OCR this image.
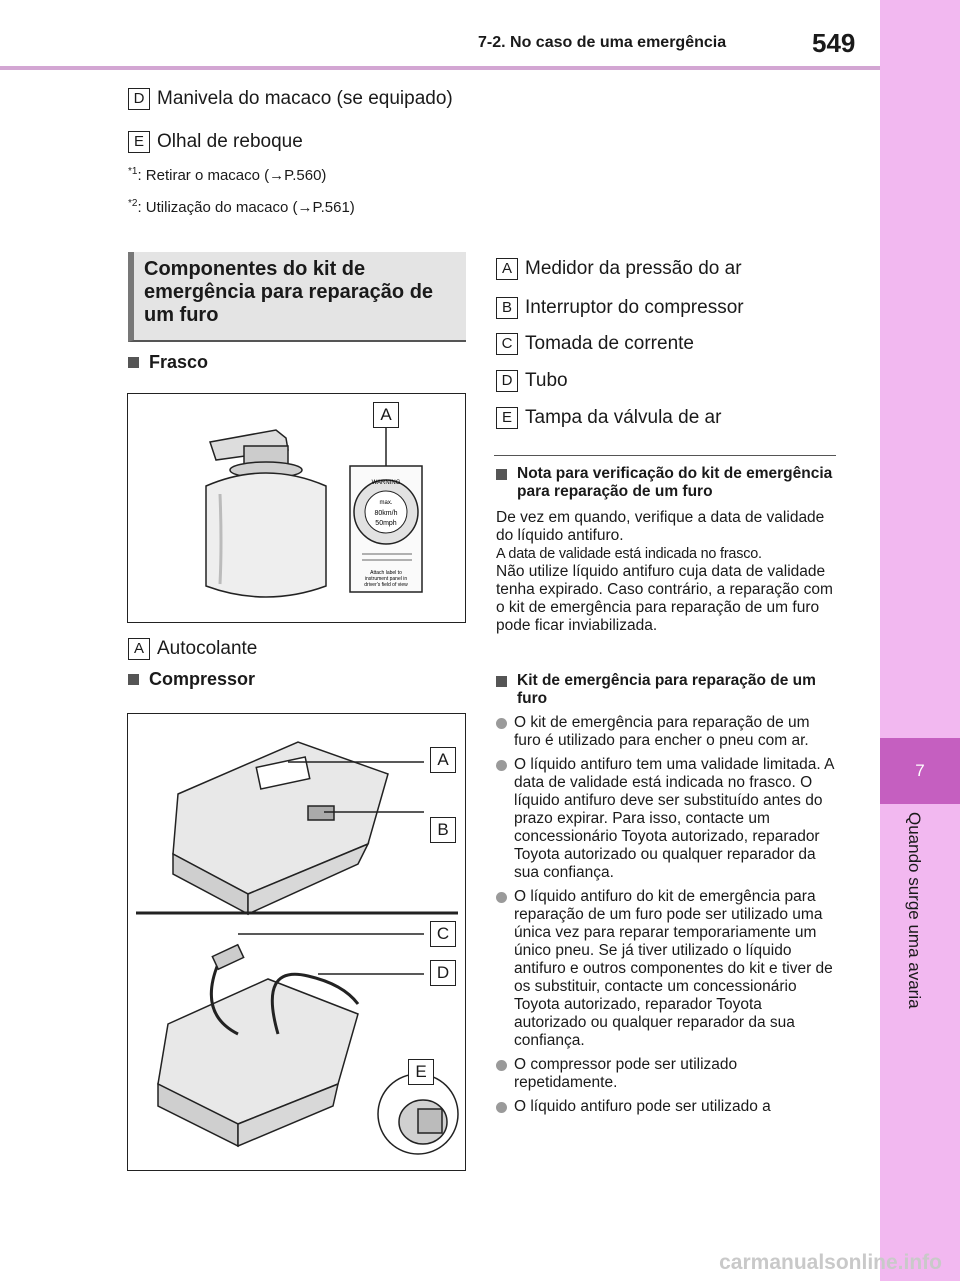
7
Quando surge uma avaria
7-2. No caso de uma emergência	549
D Manivela do macaco (se equipado)
E Olhal de reboque
$^{*1}$: Retirar o macaco (→P.560)
$^{*2}$: Utilização do macaco (→P.561)
Componentes do kit de emergência para reparação de um furo
Frasco
WARNING
max.
80km/h
50mph
Attach label to
instrument panel in
driver's field of view
A
A Autocolante
Compressor
A
B
C
D
E
A Medidor da pressão do ar
B Interruptor do compressor
C Tomada de corrente
D Tubo
E Tampa da válvula de ar
Nota para verificação do kit de emergência para reparação de um furo
De vez em quando, verifique a data de validade do líquido antifuro.
A data de validade está indicada no frasco.
Não utilize líquido antifuro cuja data de validade tenha expirado. Caso contrário, a reparação com o kit de emergência para reparação de um furo pode ficar inviabilizada.
Kit de emergência para reparação de um furo
O kit de emergência para reparação de um furo é utilizado para encher o pneu com ar.
O líquido antifuro tem uma validade limitada. A data de validade está indicada no frasco. O líquido antifuro deve ser substituído antes do prazo expirar. Para isso, contacte um concessionário Toyota autorizado, reparador Toyota autorizado ou qualquer reparador da sua confiança.
O líquido antifuro do kit de emergência para reparação de um furo pode ser utilizado uma única vez para reparar temporariamente um único pneu. Se já tiver utilizado o líquido antifuro e outros componentes do kit e tiver de os substituir, contacte um concessionário Toyota autorizado, reparador Toyota autorizado ou qualquer reparador da sua confiança.
O compressor pode ser utilizado repetidamente.
O líquido antifuro pode ser utilizado a
carmanualsonline.info
